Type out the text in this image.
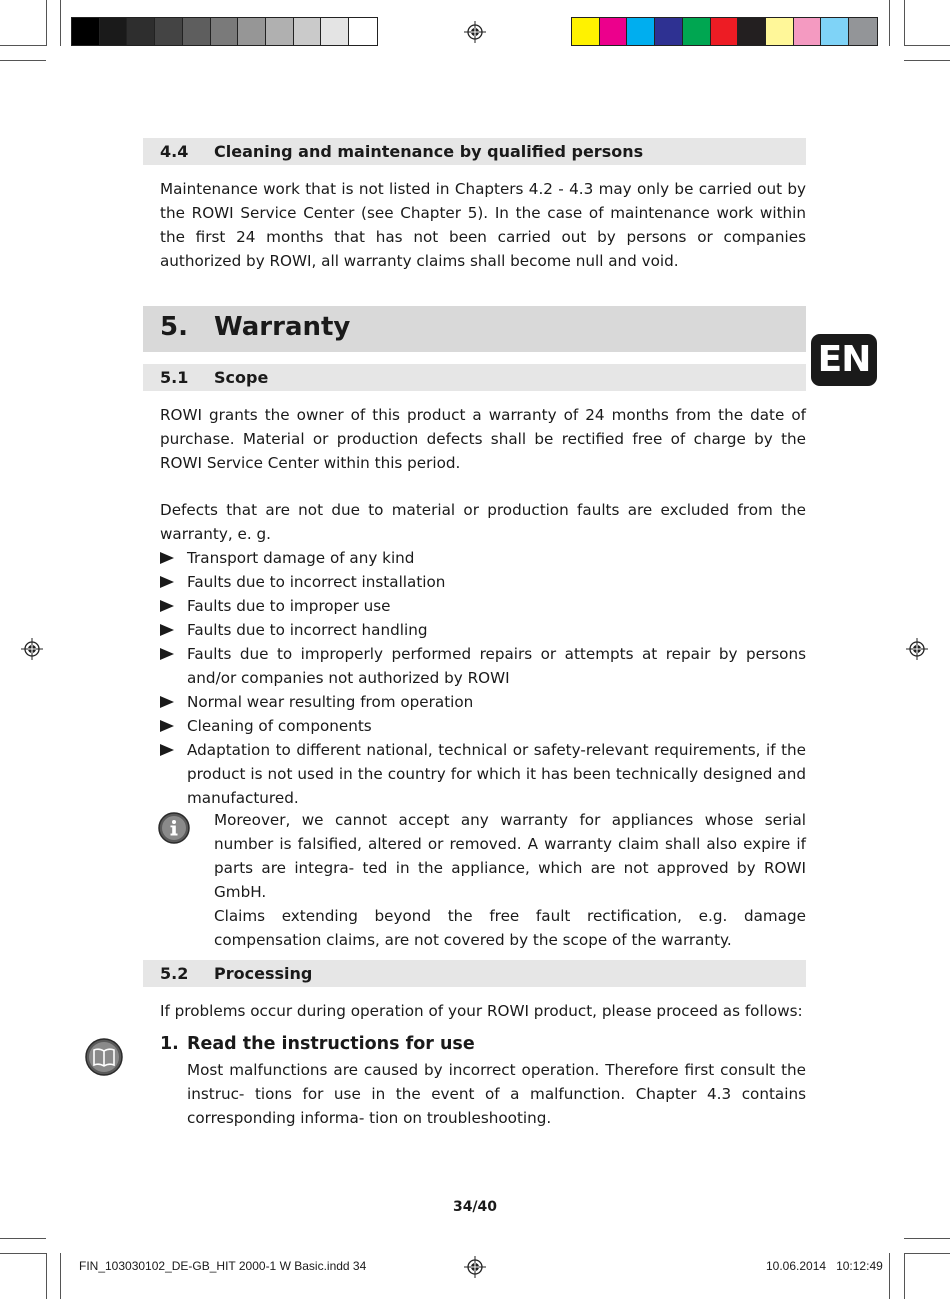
4.4 Cleaning and maintenance by qualified persons

Maintenance work that is not listed in Chapters 4.2 - 4.3 may only be carried out by the ROWI Service Center (see Chapter 5). In the case of maintenance work within the first 24 months that has not been carried out by persons or companies authorized by ROWI, all warranty claims shall become null and void.

5. Warranty
EN
5.1 Scope

ROWI grants the owner of this product a warranty of 24 months from the date of purchase. Material or production defects shall be rectified free of charge by the ROWI Service Center within this period.

Defects that are not due to material or production faults are excluded from the warranty, e. g.

Transport damage of any kind
Faults due to incorrect installation
Faults due to improper use
Faults due to incorrect handling
Faults due to improperly performed repairs or attempts at repair by persons and/or companies not authorized by ROWI
Normal wear resulting from operation
Cleaning of components
Adaptation to different national, technical or safety-relevant requirements, if the product is not used in the country for which it has been technically designed and manufactured.

Moreover, we cannot accept any warranty for appliances whose serial number is falsified, altered or removed. A warranty claim shall also expire if parts are integra- ted in the appliance, which are not approved by ROWI GmbH.

Claims extending beyond the free fault rectification, e.g. damage compensation claims, are not covered by the scope of the warranty.

5.2 Processing

If problems occur during operation of your ROWI product, please proceed as follows:

1. Read the instructions for use

Most malfunctions are caused by incorrect operation. Therefore first consult the instruc- tions for use in the event of a malfunction. Chapter 4.3 contains corresponding informa- tion on troubleshooting.

34/40
FIN_103030102_DE-GB_HIT 2000-1 W Basic.indd 34	10.06.2014 10:12:49
